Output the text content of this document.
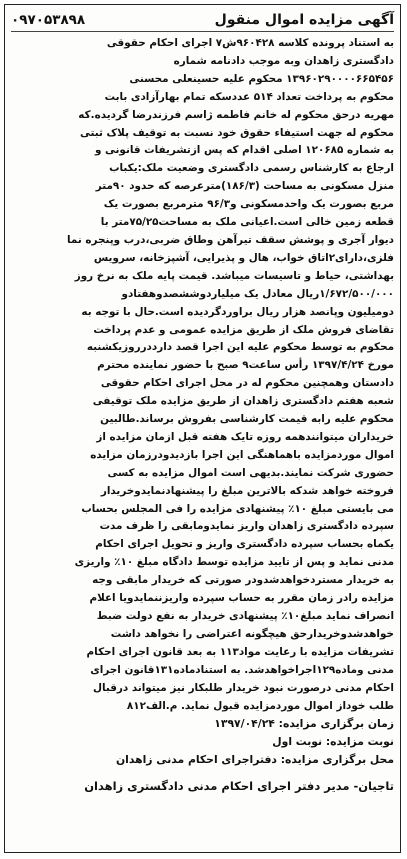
۰۹۷۰۵۳۸۹۸	آگهی مزایده اموال منقول
به استناد پرونده کلاسه ۹۶۰۴۲۸ش۷ اجرای احکام حقوقی
دادگستری زاهدان وبه موجب دادنامه شماره
۱۳۹۶۰۲۹۰۰۰۰۶۶۵۴۵۶ محکوم علیه حسینعلی محسنی
محکوم به پرداخت تعداد ۵۱۴ عددسکه تمام بهارآزادی بابت
مهریه درحق محکوم له خانم فاطمه ژاسم فرزندرضا گردیده.که
محکوم له جهت استیفاء حقوق خود نسبت به توقیف پلاک ثبتی
به شماره ۱۲۰۶۸۵ اصلی اقدام که پس ازتشریفات قانونی و
ارجاع به کارشناس رسمی دادگستری وضعیت ملک:یکباب
منزل مسکونی به مساحت (۱۸۶/۳)مترعرصه که حدود ۹۰متر
مربع بصورت یک واحدمسکونی و۹۶/۳ مترمربع بصورت یک
قطعه زمین خالی است.اعیانی ملک به مساحت۷۵/۲۵متر با
دیوار آجری و پوشش سقف تیرآهن وطاق ضربی،درب وپنجره نما
فلزی،دارای۲اتاق خواب، هال و پذیرایی، آشپزخانه، سرویس
بهداشتی، حیاط و تاسیسات میباشد. قیمت پایه ملک به نرخ روز
۱/۶۷۲/۵۰۰/۰۰۰ریال معادل یک میلیاردوششصدوهفتادو
دومیلیون وپانصد هزار ریال براوردگردیده است.حال با توجه به
تقاضای فروش ملک از طریق مزایده عمومی و عدم پرداخت
محکوم به توسط محکوم علیه این اجرا قصد دارددرروزیکشنبه
مورخ ۱۳۹۷/۴/۲۴ رأس ساعت۹ صبح با حضور نماینده محترم
دادستان وهمچنین محکوم له در محل اجرای احکام حقوقی
شعبه هفتم دادگستری زاهدان از طریق مزایده ملک توقیفی
محکوم علیه رابه قیمت کارشناسی بفروش برساند.طالبین
خریداران میتوانندهمه روزه تایک هفته قبل ازمان مزایده از
اموال موردمزایده باهماهنگی این اجرا بازدیدودرزمان مزایده
حضوری شرکت نمایند.بدیهی است اموال مزایده به کسی
فروخته خواهد شدکه بالاترین مبلغ را پیشنهادنمایدوخریدار
می بایستی مبلغ ۱۰٪ پیشنهادی مزایده را فی المجلس بحساب
سپرده دادگستری زاهدان واریز نمایدومابقی را ظرف مدت
یکماه بحساب سپرده دادگستری واریز و تحویل اجرای احکام
مدنی نماید و پس از تایید مزایده توسط دادگاه مبلغ ۱۰٪ واریزی
به خریدار مستردخواهدشدودر صورتی که خریدار مابقی وجه
مزایده رادر زمان مقرر به حساب سپرده واریزننمایدویا اعلام
انصراف نماید مبلغ۱۰٪ پیشنهادی خریدار به نفع دولت ضبط
خواهدشدوخریدارحق هیچگونه اعتراضی را نخواهد داشت
تشریفات مزایده با رعایت مواد۱۱۳ به بعد قانون اجرای احکام
مدنی وماده۱۲۹اجراخواهدشد. به استنادماده۱۳۱قانون اجرای
احکام مدنی درصورت نبود خریدار طلبکار نیز میتواند درقبال
طلب خوداز اموال موردمزایده قبول نماید. م.الف۸۱۲
زمان برگزاری مزایده: ۱۳۹۷/۰۴/۲۴
نوبت مزایده: نوبت اول
محل برگزاری مزایده: دفتراجرای احکام مدنی زاهدان
تاجیان- مدیر دفتر اجرای احکام مدنی دادگستری زاهدان
